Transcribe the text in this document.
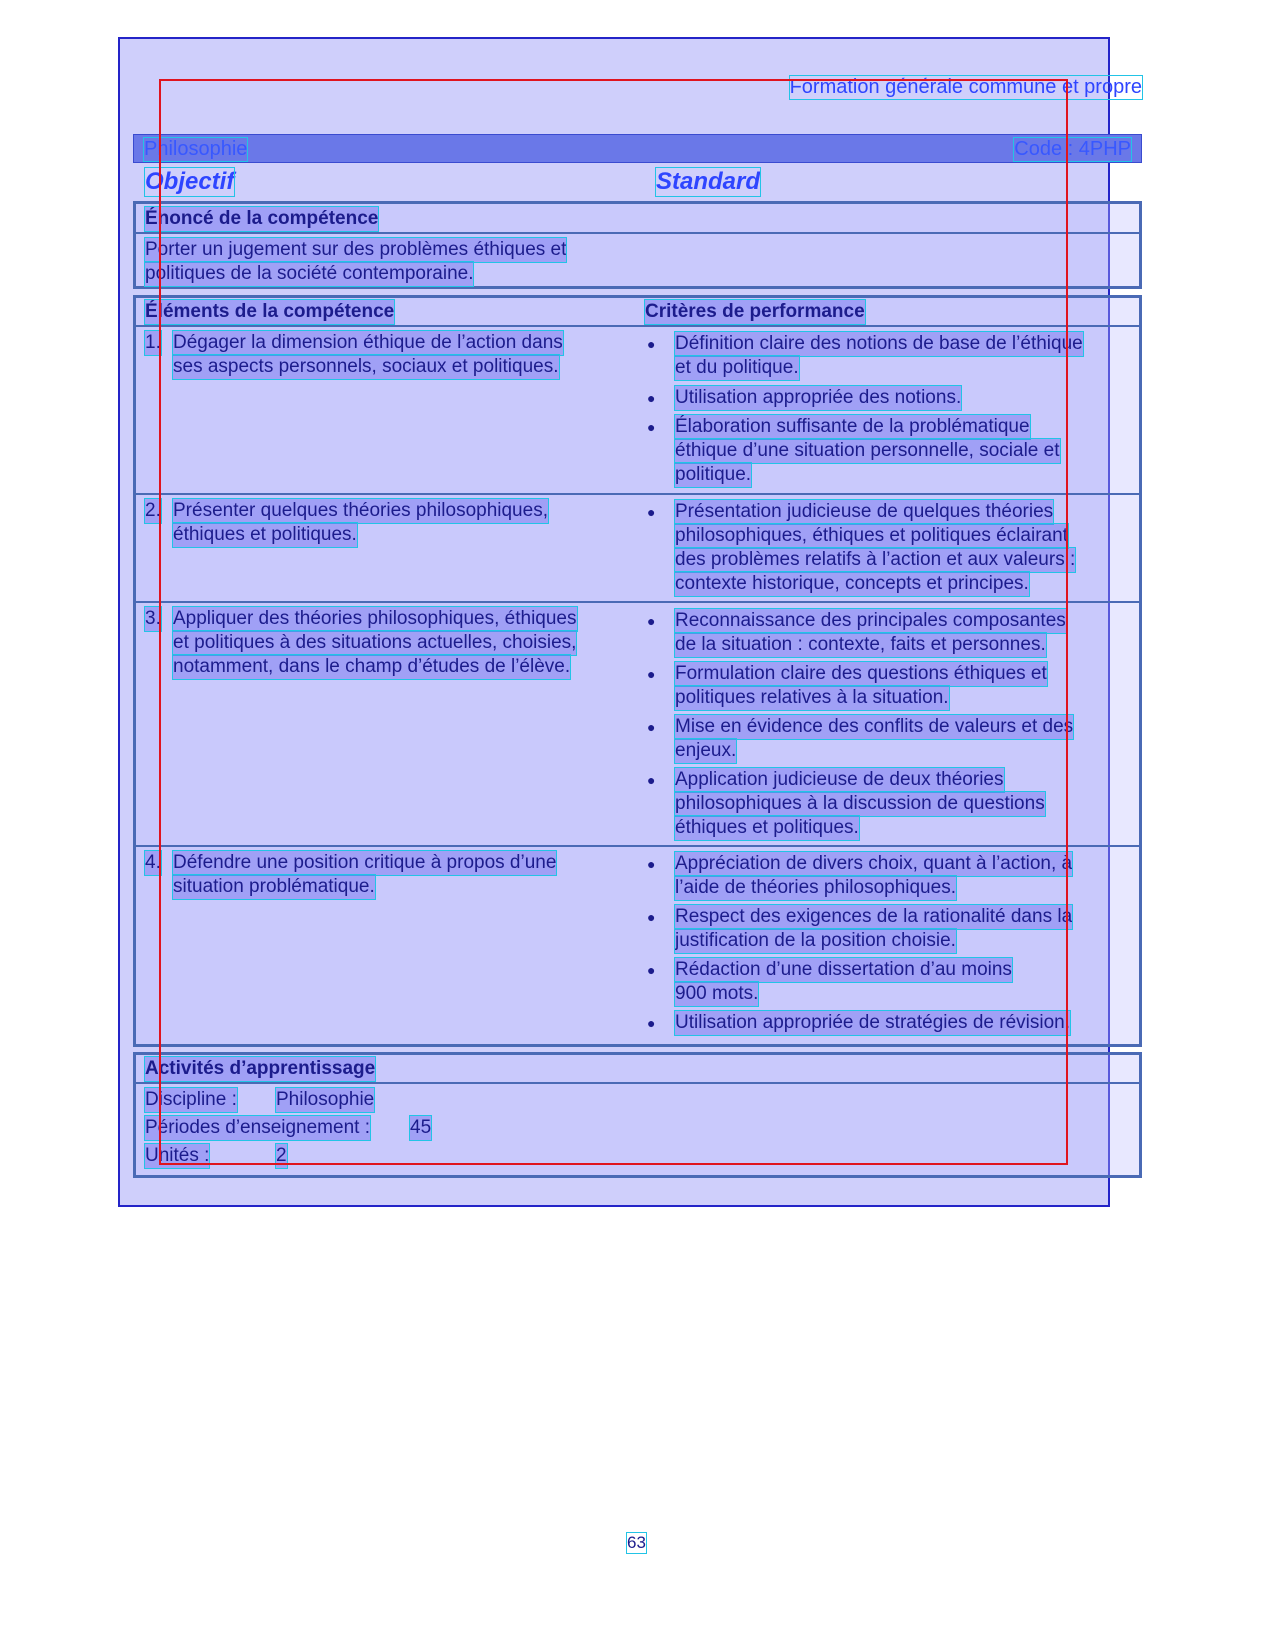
Formation générale commune et propre
Philosophie	Code : 4PHP
Objectif	Standard
Énoncé de la compétence
Porter un jugement sur des problèmes éthiques et
politiques de la société contemporaine.
Éléments de la compétence	Critères de performance
1. Dégager la dimension éthique de l’action dans
ses aspects personnels, sociaux et politiques.
● Définition claire des notions de base de l’éthique
et du politique.
● Utilisation appropriée des notions.
● Élaboration suffisante de la problématique
éthique d’une situation personnelle, sociale et
politique.
2. Présenter quelques théories philosophiques,
éthiques et politiques.
● Présentation judicieuse de quelques théories
philosophiques, éthiques et politiques éclairant
des problèmes relatifs à l’action et aux valeurs :
contexte historique, concepts et principes.
3. Appliquer des théories philosophiques, éthiques
et politiques à des situations actuelles, choisies,
notamment, dans le champ d’études de l’élève.
● Reconnaissance des principales composantes
de la situation : contexte, faits et personnes.
● Formulation claire des questions éthiques et
politiques relatives à la situation.
● Mise en évidence des conflits de valeurs et des
enjeux.
● Application judicieuse de deux théories
philosophiques à la discussion de questions
éthiques et politiques.
4. Défendre une position critique à propos d’une
situation problématique.
● Appréciation de divers choix, quant à l’action, à
l’aide de théories philosophiques.
● Respect des exigences de la rationalité dans la
justification de la position choisie.
● Rédaction d’une dissertation d’au moins
900 mots.
● Utilisation appropriée de stratégies de révision.
Activités d’apprentissage
Discipline : Philosophie
Périodes d’enseignement : 45
Unités :	2
63
